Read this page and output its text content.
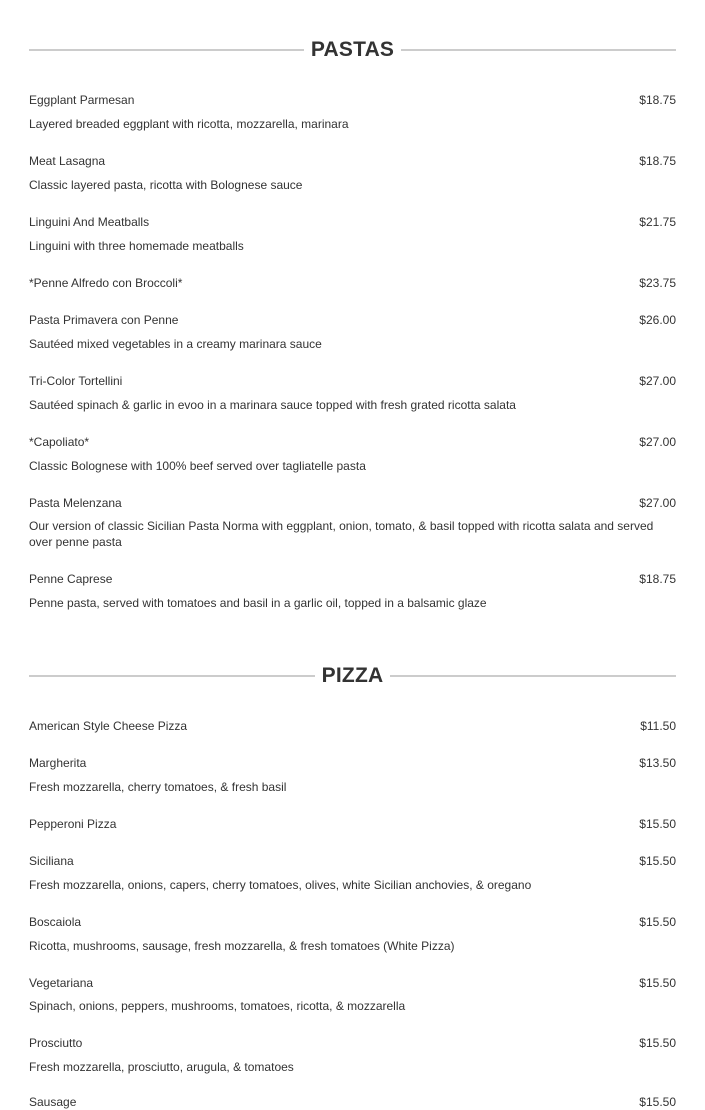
PASTAS
Eggplant Parmesan	$18.75
Layered breaded eggplant with ricotta, mozzarella, marinara
Meat Lasagna	$18.75
Classic layered pasta, ricotta with Bolognese sauce
Linguini And Meatballs	$21.75
Linguini with three homemade meatballs
*Penne Alfredo con Broccoli*	$23.75
Pasta Primavera con Penne	$26.00
Sautéed mixed vegetables in a creamy marinara sauce
Tri-Color Tortellini	$27.00
Sautéed spinach & garlic in evoo in a marinara sauce topped with fresh grated ricotta salata
*Capoliato*	$27.00
Classic Bolognese with 100% beef served over tagliatelle pasta
Pasta Melenzana	$27.00
Our version of classic Sicilian Pasta Norma with eggplant, onion, tomato, & basil topped with ricotta salata and served over penne pasta
Penne Caprese	$18.75
Penne pasta, served with tomatoes and basil in a garlic oil, topped in a balsamic glaze
PIZZA
American Style Cheese Pizza	$11.50
Margherita	$13.50
Fresh mozzarella, cherry tomatoes, & fresh basil
Pepperoni Pizza	$15.50
Siciliana	$15.50
Fresh mozzarella, onions, capers, cherry tomatoes, olives, white Sicilian anchovies, & oregano
Boscaiola	$15.50
Ricotta, mushrooms, sausage, fresh mozzarella, & fresh tomatoes (White Pizza)
Vegetariana	$15.50
Spinach, onions, peppers, mushrooms, tomatoes, ricotta, & mozzarella
Prosciutto	$15.50
Fresh mozzarella, prosciutto, arugula, & tomatoes
Sausage	$15.50
